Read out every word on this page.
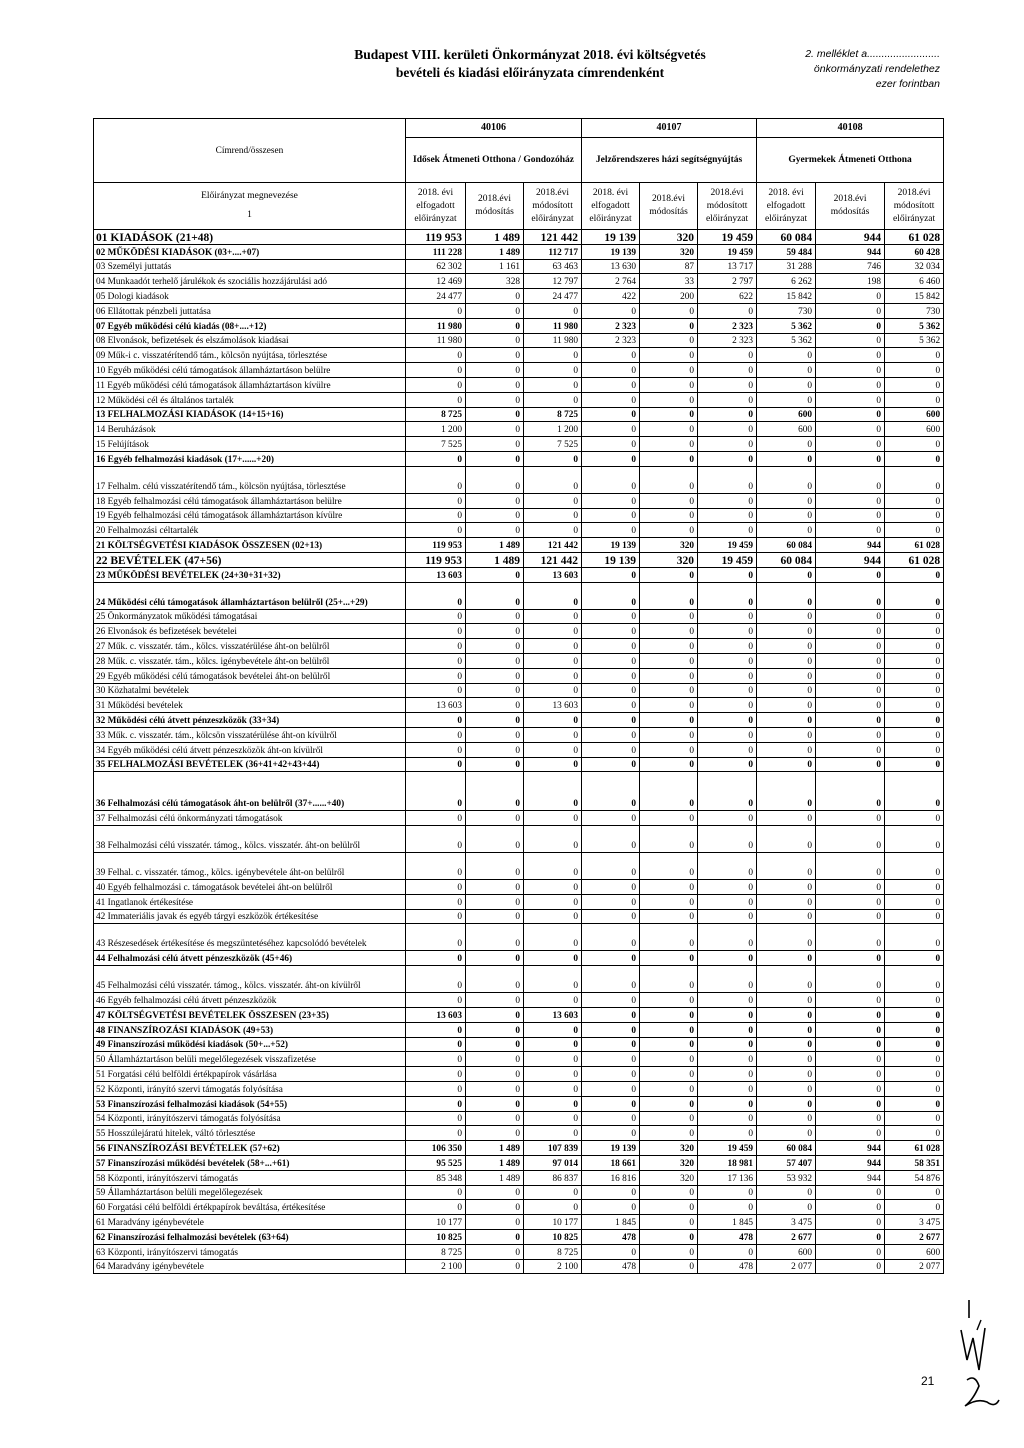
Budapest VIII. kerületi Önkormányzat 2018. évi költségvetés
bevételi és kiadási előirányzata címrendenként
2. melléklet a.........................
önkormányzati rendelethez
ezer forintban
Címrend/összesen	40106			40107			40108		
	Idősek Átmeneti Otthona / Gondozóház			Jelzőrendszeres házi segítségnyújtás			Gyermekek Átmeneti Otthona		

Előirányzat megnevezése
1	2018. évi elfogadott előirányzat	2018.évi módosítás	2018.évi módosított előirányzat	2018. évi elfogadott előirányzat	2018.évi módosítás	2018.évi módosított előirányzat	2018. évi elfogadott előirányzat	2018.évi módosítás	2018.évi módosított előirányzat
01 KIADÁSOK (21+48)	119 953	1 489	121 442	19 139	320	19 459	60 084	944	61 028
02 MŰKÖDÉSI KIADÁSOK (03+....+07)	111 228	1 489	112 717	19 139	320	19 459	59 484	944	60 428
03 Személyi juttatás	62 302	1 161	63 463	13 630	87	13 717	31 288	746	32 034
04 Munkaadót terhelő járulékok és szociális hozzájárulási adó	12 469	328	12 797	2 764	33	2 797	6 262	198	6 460
05 Dologi kiadások	24 477	0	24 477	422	200	622	15 842	0	15 842
06 Ellátottak pénzbeli juttatása	0	0	0	0	0	0	730	0	730
07 Egyéb működési célú kiadás (08+....+12)	11 980	0	11 980	2 323	0	2 323	5 362	0	5 362
08 Elvonások, befizetések és elszámolások kiadásai	11 980	0	11 980	2 323	0	2 323	5 362	0	5 362
09 Műk-i c. visszatérítendő tám., kölcsön nyújtása, törlesztése	0	0	0	0	0	0	0	0	0
10 Egyéb működési célú támogatások államháztartáson belülre	0	0	0	0	0	0	0	0	0
11 Egyéb működési célú támogatások államháztartáson kívülre	0	0	0	0	0	0	0	0	0
12 Működési cél és általános tartalék	0	0	0	0	0	0	0	0	0
13 FELHALMOZÁSI KIADÁSOK (14+15+16)	8 725	0	8 725	0	0	0	600	0	600
14 Beruházások	1 200	0	1 200	0	0	0	600	0	600
15 Felújítások	7 525	0	7 525	0	0	0	0	0	0
16 Egyéb felhalmozási kiadások (17+......+20)	0	0	0	0	0	0	0	0	0
17 Felhalm. célú visszatérítendő tám., kölcsön nyújtása, törlesztése	0	0	0	0	0	0	0	0	0
18 Egyéb felhalmozási célú támogatások államháztartáson belülre	0	0	0	0	0	0	0	0	0
19 Egyéb felhalmozási célú támogatások államháztartáson kívülre	0	0	0	0	0	0	0	0	0
20 Felhalmozási céltartalék	0	0	0	0	0	0	0	0	0
21 KÖLTSÉGVETÉSI KIADÁSOK ÖSSZESEN (02+13)	119 953	1 489	121 442	19 139	320	19 459	60 084	944	61 028
22 BEVÉTELEK (47+56)	119 953	1 489	121 442	19 139	320	19 459	60 084	944	61 028
23 MŰKÖDÉSI BEVÉTELEK (24+30+31+32)	13 603	0	13 603	0	0	0	0	0	0
24 Működési célú támogatások államháztartáson belülről (25+...+29)	0	0	0	0	0	0	0	0	0
25 Önkormányzatok működési támogatásai	0	0	0	0	0	0	0	0	0
26 Elvonások és befizetések bevételei	0	0	0	0	0	0	0	0	0
27 Műk. c. visszatér. tám., kölcs. visszatérülése áht-on belülről	0	0	0	0	0	0	0	0	0
28 Műk. c. visszatér. tám., kölcs. igénybevétele áht-on belülről	0	0	0	0	0	0	0	0	0
29 Egyéb működési célú támogatások bevételei áht-on belülről	0	0	0	0	0	0	0	0	0
30 Közhatalmi bevételek	0	0	0	0	0	0	0	0	0
31 Működési bevételek	13 603	0	13 603	0	0	0	0	0	0
32 Működési célú átvett pénzeszközök (33+34)	0	0	0	0	0	0	0	0	0
33 Műk. c. visszatér. tám., kölcsön visszatérülése áht-on kívülről	0	0	0	0	0	0	0	0	0
34 Egyéb működési célú átvett pénzeszközök áht-on kívülről	0	0	0	0	0	0	0	0	0
35 FELHALMOZÁSI BEVÉTELEK (36+41+42+43+44)	0	0	0	0	0	0	0	0	0
36 Felhalmozási célú támogatások áht-on belülről (37+......+40)	0	0	0	0	0	0	0	0	0
37 Felhalmozási célú önkormányzati támogatások	0	0	0	0	0	0	0	0	0
38 Felhalmozási célú visszatér. támog., kölcs. visszatér. áht-on belülről	0	0	0	0	0	0	0	0	0
39 Felhal. c. visszatér. támog., kölcs. igénybevétele áht-on belülről	0	0	0	0	0	0	0	0	0
40 Egyéb felhalmozási c. támogatások bevételei áht-on belülről	0	0	0	0	0	0	0	0	0
41 Ingatlanok értékesítése	0	0	0	0	0	0	0	0	0
42 Immateriális javak és egyéb tárgyi eszközök értékesítése	0	0	0	0	0	0	0	0	0
43 Részesedések értékesítése és megszüntetéséhez kapcsolódó bevételek	0	0	0	0	0	0	0	0	0
44 Felhalmozási célú átvett pénzeszközök (45+46)	0	0	0	0	0	0	0	0	0
45 Felhalmozási célú visszatér. támog., kölcs. visszatér. áht-on kívülről	0	0	0	0	0	0	0	0	0
46 Egyéb felhalmozási célú átvett pénzeszközök	0	0	0	0	0	0	0	0	0
47 KÖLTSÉGVETÉSI BEVÉTELEK ÖSSZESEN (23+35)	13 603	0	13 603	0	0	0	0	0	0
48 FINANSZÍROZÁSI KIADÁSOK (49+53)	0	0	0	0	0	0	0	0	0
49 Finanszírozási működési kiadások (50+...+52)	0	0	0	0	0	0	0	0	0
50 Államháztartáson belüli megelőlegezések visszafizetése	0	0	0	0	0	0	0	0	0
51 Forgatási célú belföldi értékpapírok vásárlása	0	0	0	0	0	0	0	0	0
52 Központi, irányító szervi támogatás folyósítása	0	0	0	0	0	0	0	0	0
53 Finanszírozási felhalmozási kiadások (54+55)	0	0	0	0	0	0	0	0	0
54 Központi, irányítószervi támogatás folyósítása	0	0	0	0	0	0	0	0	0
55 Hosszúlejáratú hitelek, váltó törlesztése	0	0	0	0	0	0	0	0	0
56 FINANSZÍROZÁSI BEVÉTELEK (57+62)	106 350	1 489	107 839	19 139	320	19 459	60 084	944	61 028
57 Finanszírozási működési bevételek (58+...+61)	95 525	1 489	97 014	18 661	320	18 981	57 407	944	58 351
58 Központi, irányítószervi támogatás	85 348	1 489	86 837	16 816	320	17 136	53 932	944	54 876
59 Államháztartáson belüli megelőlegezések	0	0	0	0	0	0	0	0	0
60 Forgatási célú belföldi értékpapírok beváltása, értékesítése	0	0	0	0	0	0	0	0	0
61 Maradvány igénybevétele	10 177	0	10 177	1 845	0	1 845	3 475	0	3 475
62 Finanszírozási felhalmozási bevételek (63+64)	10 825	0	10 825	478	0	478	2 677	0	2 677
63 Központi, irányítószervi támogatás	8 725	0	8 725	0	0	0	600	0	600
64 Maradvány igénybevétele	2 100	0	2 100	478	0	478	2 077	0	2 077
21
